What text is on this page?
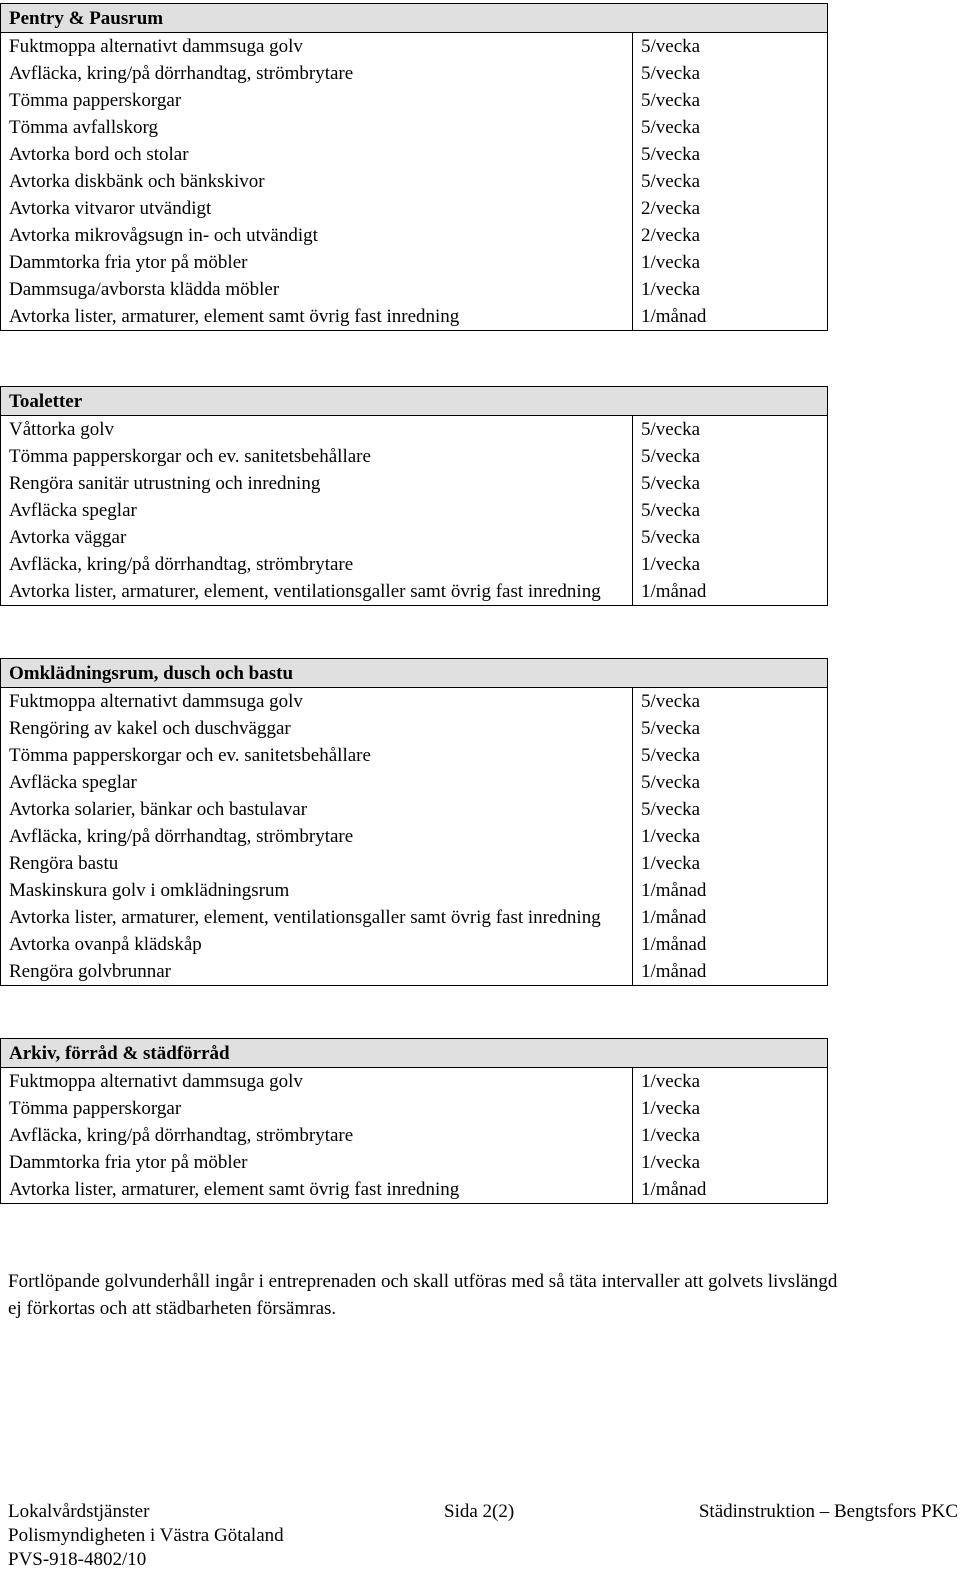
Pentry & Pausrum	
Fuktmoppa alternativt dammsuga golv	5/vecka
Avfläcka, kring/på dörrhandtag, strömbrytare	5/vecka
Tömma papperskorgar	5/vecka
Tömma avfallskorg	5/vecka
Avtorka bord och stolar	5/vecka
Avtorka diskbänk och bänkskivor	5/vecka
Avtorka vitvaror utvändigt	2/vecka
Avtorka mikrovågsugn in- och utvändigt	2/vecka
Dammtorka fria ytor på möbler	1/vecka
Dammsuga/avborsta klädda möbler	1/vecka
Avtorka lister, armaturer, element samt övrig fast inredning	1/månad
Toaletter	
Våttorka golv	5/vecka
Tömma papperskorgar och ev. sanitetsbehållare	5/vecka
Rengöra sanitär utrustning och inredning	5/vecka
Avfläcka speglar	5/vecka
Avtorka väggar	5/vecka
Avfläcka, kring/på dörrhandtag, strömbrytare	1/vecka
Avtorka lister, armaturer, element, ventilationsgaller samt övrig fast inredning	1/månad
Omklädningsrum, dusch och bastu	
Fuktmoppa alternativt dammsuga golv	5/vecka
Rengöring av kakel och duschväggar	5/vecka
Tömma papperskorgar och ev. sanitetsbehållare	5/vecka
Avfläcka speglar	5/vecka
Avtorka solarier, bänkar och bastulavar	5/vecka
Avfläcka, kring/på dörrhandtag, strömbrytare	1/vecka
Rengöra bastu	1/vecka
Maskinskura golv i omklädningsrum	1/månad
Avtorka lister, armaturer, element, ventilationsgaller samt övrig fast inredning	1/månad
Avtorka ovanpå klädskåp	1/månad
Rengöra golvbrunnar	1/månad
Arkiv, förråd & städförråd	
Fuktmoppa alternativt dammsuga golv	1/vecka
Tömma papperskorgar	1/vecka
Avfläcka, kring/på dörrhandtag, strömbrytare	1/vecka
Dammtorka fria ytor på möbler	1/vecka
Avtorka lister, armaturer, element samt övrig fast inredning	1/månad

Fortlöpande golvunderhåll ingår i entreprenaden och skall utföras med så täta intervaller att golvets livslängd ej förkortas och att städbarheten försämras.

Lokalvårdstjänster
Polismyndigheten i Västra Götaland
PVS-918-4802/10
Sida 2(2)	Städinstruktion – Bengtsfors PKC
